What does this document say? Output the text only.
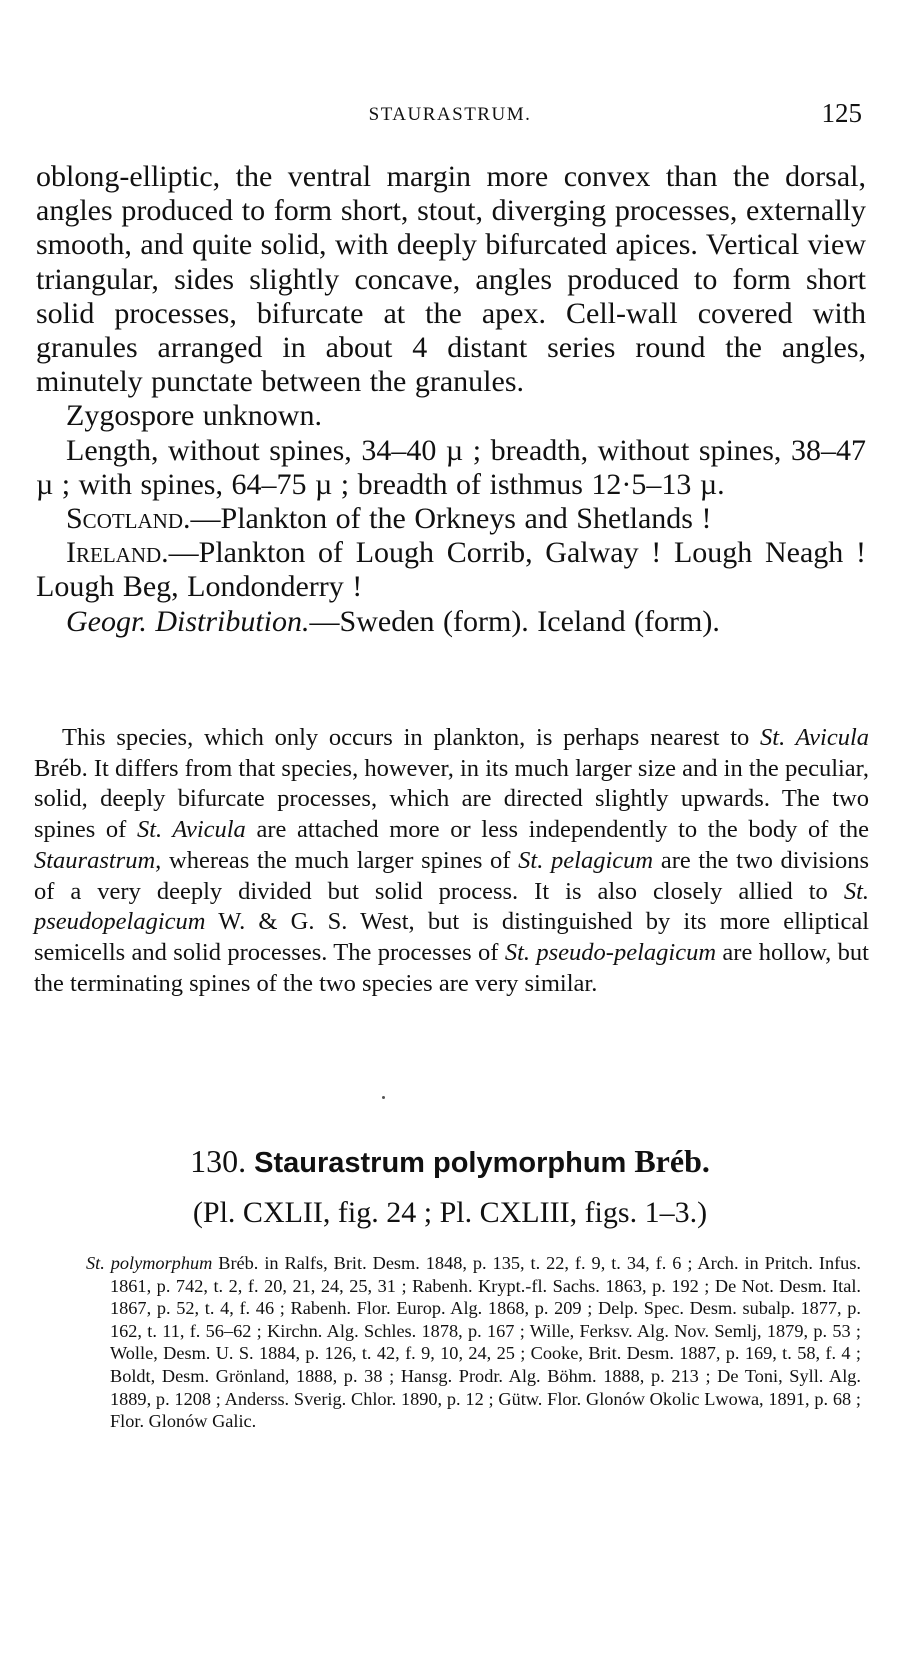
STAURASTRUM.	125

oblong-elliptic, the ventral margin more convex than the dorsal, angles produced to form short, stout, diverging processes, externally smooth, and quite solid, with deeply bifurcated apices. Vertical view triangular, sides slightly concave, angles produced to form short solid processes, bifurcate at the apex. Cell-wall covered with granules arranged in about 4 distant series round the angles, minutely punctate between the granules.

Zygospore unknown.

Length, without spines, 34–40 µ ; breadth, without spines, 38–47 µ ; with spines, 64–75 µ ; breadth of isthmus 12·5–13 µ.

Scotland.—Plankton of the Orkneys and Shetlands !

Ireland.—Plankton of Lough Corrib, Galway ! Lough Neagh ! Lough Beg, Londonderry !

Geogr. Distribution.—Sweden (form). Iceland (form).

This species, which only occurs in plankton, is perhaps nearest to St. Avicula Bréb. It differs from that species, however, in its much larger size and in the peculiar, solid, deeply bifurcate processes, which are directed slightly upwards. The two spines of St. Avicula are attached more or less independently to the body of the Staurastrum, whereas the much larger spines of St. pelagicum are the two divisions of a very deeply divided but solid process. It is also closely allied to St. pseudopelagicum W. & G. S. West, but is distinguished by its more elliptical semicells and solid processes. The processes of St. pseudo-pelagicum are hollow, but the terminating spines of the two species are very similar.

130. Staurastrum polymorphum Bréb.
(Pl. CXLII, fig. 24 ; Pl. CXLIII, figs. 1–3.)

St. polymorphum Bréb. in Ralfs, Brit. Desm. 1848, p. 135, t. 22, f. 9, t. 34, f. 6 ; Arch. in Pritch. Infus. 1861, p. 742, t. 2, f. 20, 21, 24, 25, 31 ; Rabenh. Krypt.-fl. Sachs. 1863, p. 192 ; De Not. Desm. Ital. 1867, p. 52, t. 4, f. 46 ; Rabenh. Flor. Europ. Alg. 1868, p. 209 ; Delp. Spec. Desm. subalp. 1877, p. 162, t. 11, f. 56–62 ; Kirchn. Alg. Schles. 1878, p. 167 ; Wille, Ferksv. Alg. Nov. Semlj, 1879, p. 53 ; Wolle, Desm. U. S. 1884, p. 126, t. 42, f. 9, 10, 24, 25 ; Cooke, Brit. Desm. 1887, p. 169, t. 58, f. 4 ; Boldt, Desm. Grönland, 1888, p. 38 ; Hansg. Prodr. Alg. Böhm. 1888, p. 213 ; De Toni, Syll. Alg. 1889, p. 1208 ; Anderss. Sverig. Chlor. 1890, p. 12 ; Gütw. Flor. Glonów Okolic Lwowa, 1891, p. 68 ; Flor. Glonów Galic.
